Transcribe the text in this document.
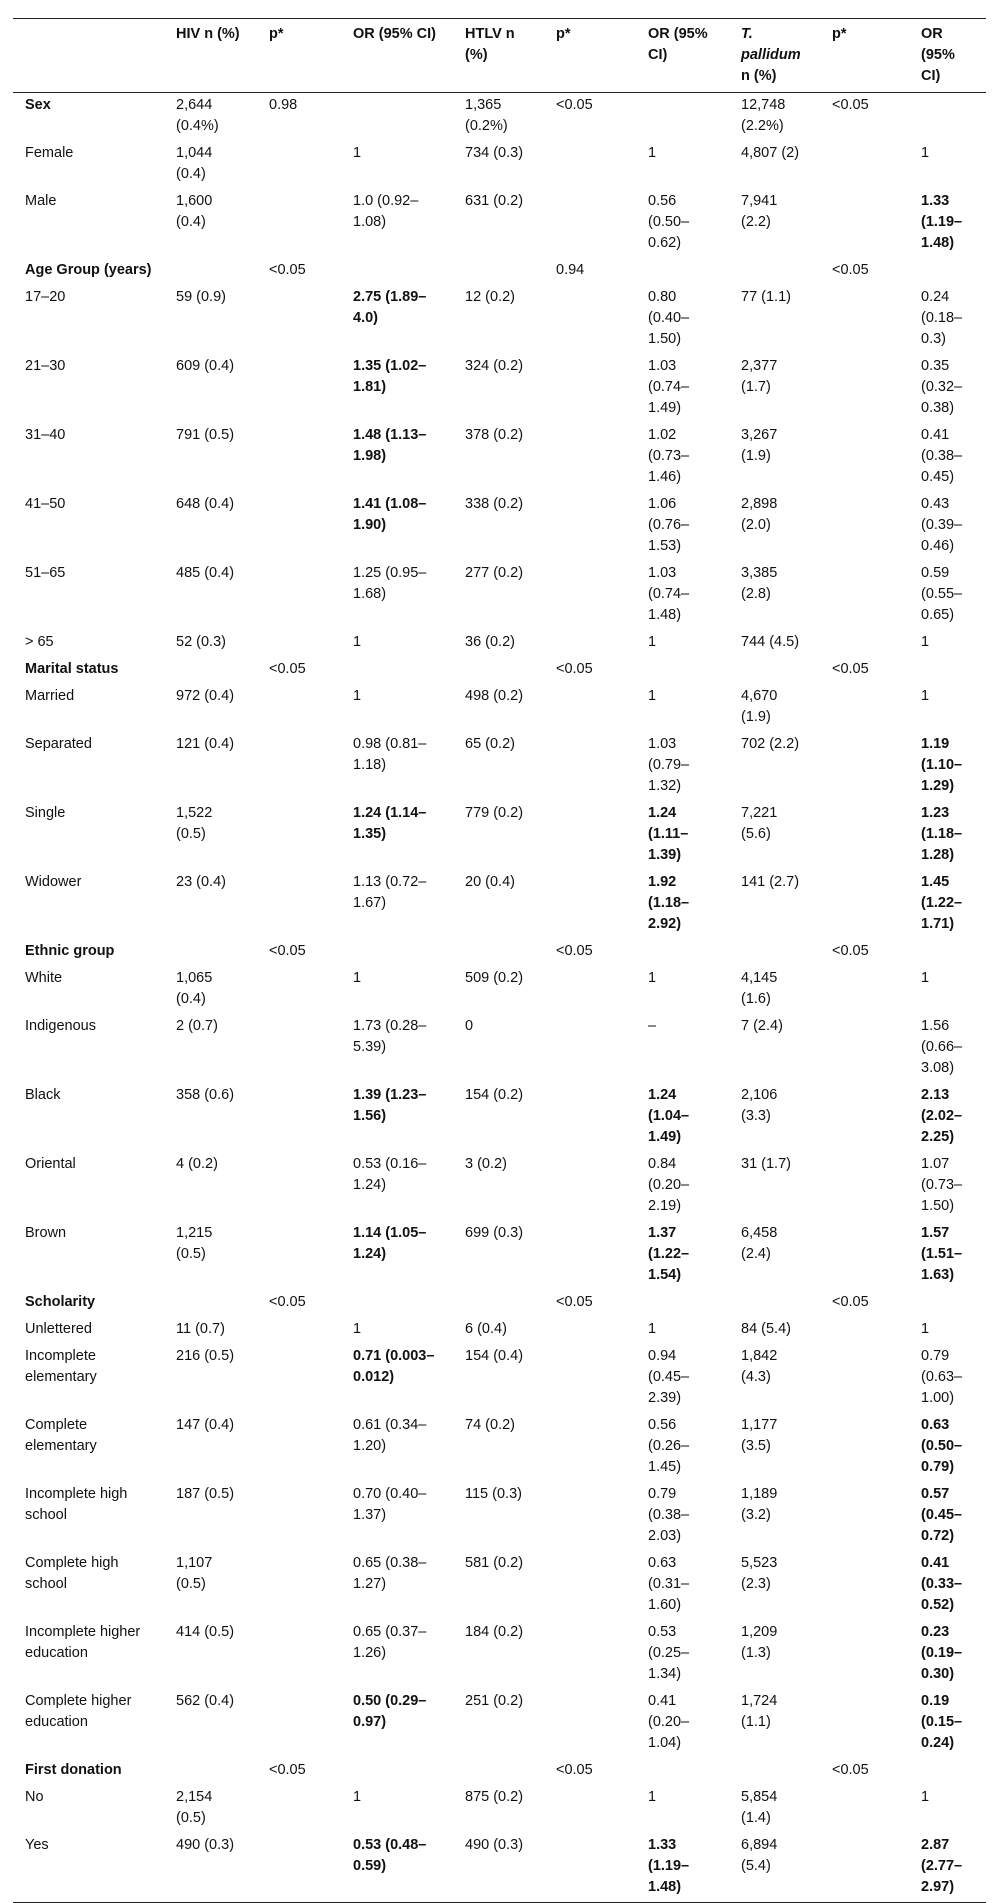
	HIV n (%)	p*	OR (95% CI)	HTLV n (%)	p*	OR (95% CI)	T. pallidum n (%)	p*	OR (95% CI)
Sex	2,644 (0.4%)	0.98		1,365 (0.2%)	<0.05		12,748 (2.2%)	<0.05	
Female	1,044 (0.4)		1	734 (0.3)		1	4,807 (2)		1
Male	1,600 (0.4)		1.0 (0.92–1.08)	631 (0.2)		0.56 (0.50–0.62)	7,941 (2.2)		1.33 (1.19–1.48)
Age Group (years)		<0.05			0.94			<0.05	
17–20	59 (0.9)		2.75 (1.89–4.0)	12 (0.2)		0.80 (0.40–1.50)	77 (1.1)		0.24 (0.18–0.3)
21–30	609 (0.4)		1.35 (1.02–1.81)	324 (0.2)		1.03 (0.74–1.49)	2,377 (1.7)		0.35 (0.32–0.38)
31–40	791 (0.5)		1.48 (1.13–1.98)	378 (0.2)		1.02 (0.73–1.46)	3,267 (1.9)		0.41 (0.38–0.45)
41–50	648 (0.4)		1.41 (1.08–1.90)	338 (0.2)		1.06 (0.76–1.53)	2,898 (2.0)		0.43 (0.39–0.46)
51–65	485 (0.4)		1.25 (0.95–1.68)	277 (0.2)		1.03 (0.74–1.48)	3,385 (2.8)		0.59 (0.55–0.65)
> 65	52 (0.3)		1	36 (0.2)		1	744 (4.5)		1
Marital status		<0.05			<0.05			<0.05	
Married	972 (0.4)		1	498 (0.2)		1	4,670 (1.9)		1
Separated	121 (0.4)		0.98 (0.81–1.18)	65 (0.2)		1.03 (0.79–1.32)	702 (2.2)		1.19 (1.10–1.29)
Single	1,522 (0.5)		1.24 (1.14–1.35)	779 (0.2)		1.24 (1.11–1.39)	7,221 (5.6)		1.23 (1.18–1.28)
Widower	23 (0.4)		1.13 (0.72–1.67)	20 (0.4)		1.92 (1.18–2.92)	141 (2.7)		1.45 (1.22–1.71)
Ethnic group		<0.05			<0.05			<0.05	
White	1,065 (0.4)		1	509 (0.2)		1	4,145 (1.6)		1
Indigenous	2 (0.7)		1.73 (0.28–5.39)	0		–	7 (2.4)		1.56 (0.66–3.08)
Black	358 (0.6)		1.39 (1.23–1.56)	154 (0.2)		1.24 (1.04–1.49)	2,106 (3.3)		2.13 (2.02–2.25)
Oriental	4 (0.2)		0.53 (0.16–1.24)	3 (0.2)		0.84 (0.20–2.19)	31 (1.7)		1.07 (0.73–1.50)
Brown	1,215 (0.5)		1.14 (1.05–1.24)	699 (0.3)		1.37 (1.22–1.54)	6,458 (2.4)		1.57 (1.51–1.63)
Scholarity		<0.05			<0.05			<0.05	
Unlettered	11 (0.7)		1	6 (0.4)		1	84 (5.4)		1
Incomplete elementary	216 (0.5)		0.71 (0.003–0.012)	154 (0.4)		0.94 (0.45–2.39)	1,842 (4.3)		0.79 (0.63–1.00)
Complete elementary	147 (0.4)		0.61 (0.34–1.20)	74 (0.2)		0.56 (0.26–1.45)	1,177 (3.5)		0.63 (0.50–0.79)
Incomplete high school	187 (0.5)		0.70 (0.40–1.37)	115 (0.3)		0.79 (0.38–2.03)	1,189 (3.2)		0.57 (0.45–0.72)
Complete high school	1,107 (0.5)		0.65 (0.38–1.27)	581 (0.2)		0.63 (0.31–1.60)	5,523 (2.3)		0.41 (0.33–0.52)
Incomplete higher education	414 (0.5)		0.65 (0.37–1.26)	184 (0.2)		0.53 (0.25–1.34)	1,209 (1.3)		0.23 (0.19–0.30)
Complete higher education	562 (0.4)		0.50 (0.29–0.97)	251 (0.2)		0.41 (0.20–1.04)	1,724 (1.1)		0.19 (0.15–0.24)
First donation		<0.05			<0.05			<0.05	
No	2,154 (0.5)		1	875 (0.2)		1	5,854 (1.4)		1
Yes	490 (0.3)		0.53 (0.48–0.59)	490 (0.3)		1.33 (1.19–1.48)	6,894 (5.4)		2.87 (2.77–2.97)
